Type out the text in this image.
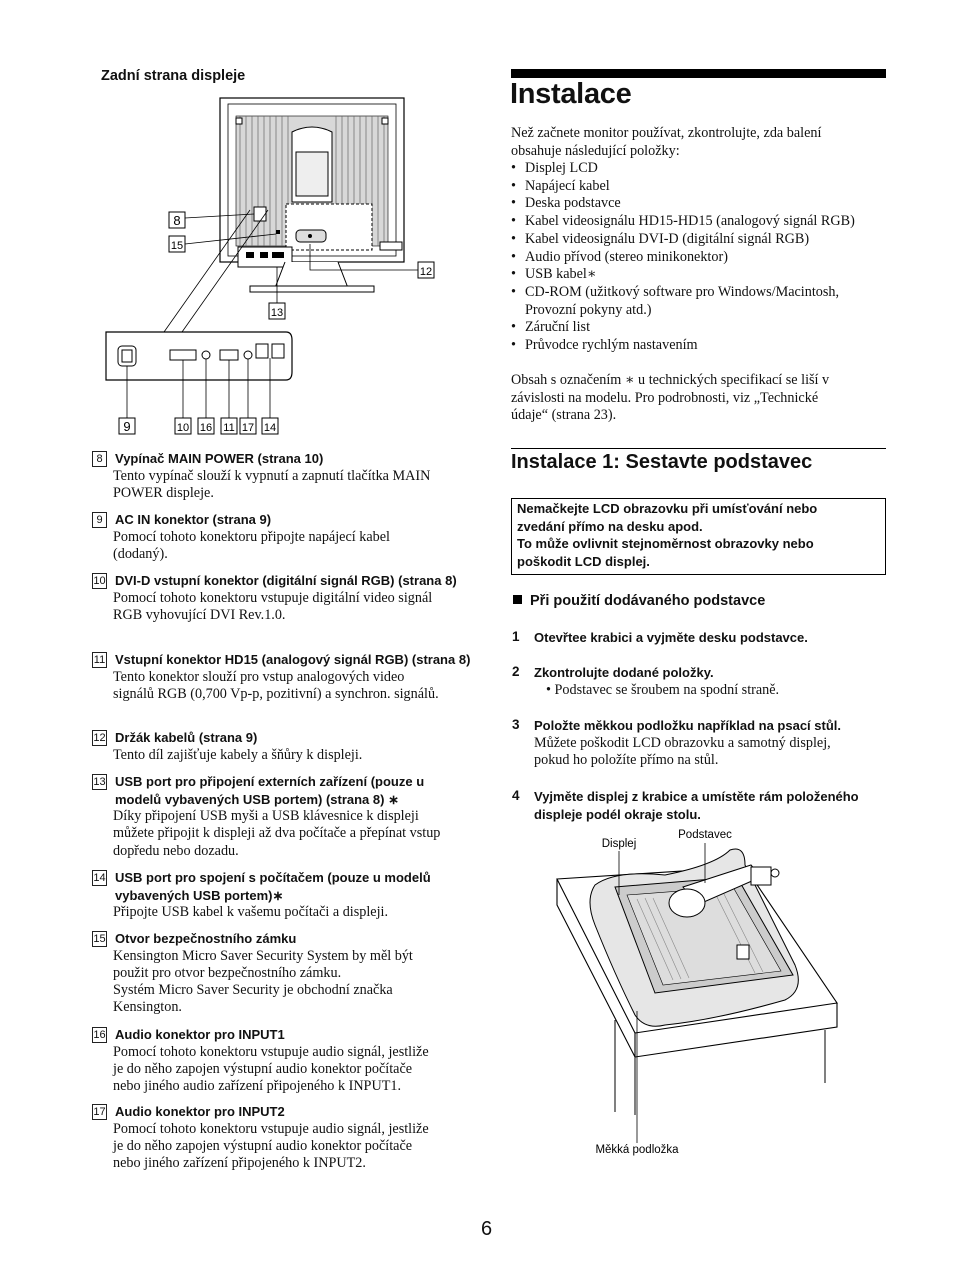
Zadní strana displeje
8
15
12
13
9	10 16 11 17 14
8 Vypínač MAIN POWER (strana 10)
Tento vypínač slouží k vypnutí a zapnutí tlačítka MAIN
POWER displeje.
9 AC IN konektor (strana 9)
Pomocí tohoto konektoru připojte napájecí kabel
(dodaný).
10 DVI-D vstupní konektor (digitální signál RGB) (strana 8)
Pomocí tohoto konektoru vstupuje digitální video signál
RGB vyhovující DVI Rev.1.0.
11 Vstupní konektor HD15 (analogový signál RGB) (strana 8)
Tento konektor slouží pro vstup analogových video
signálů RGB (0,700 Vp-p, pozitivní) a synchron. signálů.
12 Držák kabelů (strana 9)
Tento díl zajišťuje kabely a šňůry k displeji.
13 USB port pro připojení externích zařízení (pouze u modelů vybavených USB portem) (strana 8) ∗
Díky připojení USB myši a USB klávesnice k displeji
můžete připojit k displeji až dva počítače a přepínat vstup
dopředu nebo dozadu.
14 USB port pro spojení s počítačem (pouze u modelů vybavených USB portem)∗
Připojte USB kabel k vašemu počítači a displeji.
15 Otvor bezpečnostního zámku
Kensington Micro Saver Security System by měl být
použit pro otvor bezpečnostního zámku.
Systém Micro Saver Security je obchodní značka
Kensington.
16 Audio konektor pro INPUT1
Pomocí tohoto konektoru vstupuje audio signál, jestliže
je do něho zapojen výstupní audio konektor počítače
nebo jiného audio zařízení připojeného k INPUT1.
17 Audio konektor pro INPUT2
Pomocí tohoto konektoru vstupuje audio signál, jestliže
je do něho zapojen výstupní audio konektor počítače
nebo jiného zařízení připojeného k INPUT2.
Instalace
Než začnete monitor používat, zkontrolujte, zda balení
obsahuje následující položky:
• Displej LCD
• Napájecí kabel
• Deska podstavce
• Kabel videosignálu HD15-HD15 (analogový signál RGB)
• Kabel videosignálu DVI-D (digitální signál RGB)
• Audio přívod (stereo minikonektor)
• USB kabel∗
• CD-ROM (užitkový software pro Windows/Macintosh, Provozní pokyny atd.)
• Záruční list
• Průvodce rychlým nastavením
Obsah s označením ∗ u technických specifikací se liší v
závislosti na modelu. Pro podrobnosti, viz „Technické
údaje“ (strana 23).
Instalace 1: Sestavte podstavec
Nemačkejte LCD obrazovku při umísťování nebo
zvedání přímo na desku apod.
To může ovlivnit stejnoměrnost obrazovky nebo
poškodit LCD displej.
Při použití dodávaného podstavce
1 Otevřtee krabici a vyjměte desku podstavce.
2 Zkontrolujte dodané položky.
• Podstavec se šroubem na spodní straně.
3 Položte měkkou podložku například na psací stůl.
Můžete poškodit LCD obrazovku a samotný displej,
pokud ho položíte přímo na stůl.
4 Vyjměte displej z krabice a umístěte rám položeného displeje podél okraje stolu.
Displej
Podstavec
Měkká podložka
6
